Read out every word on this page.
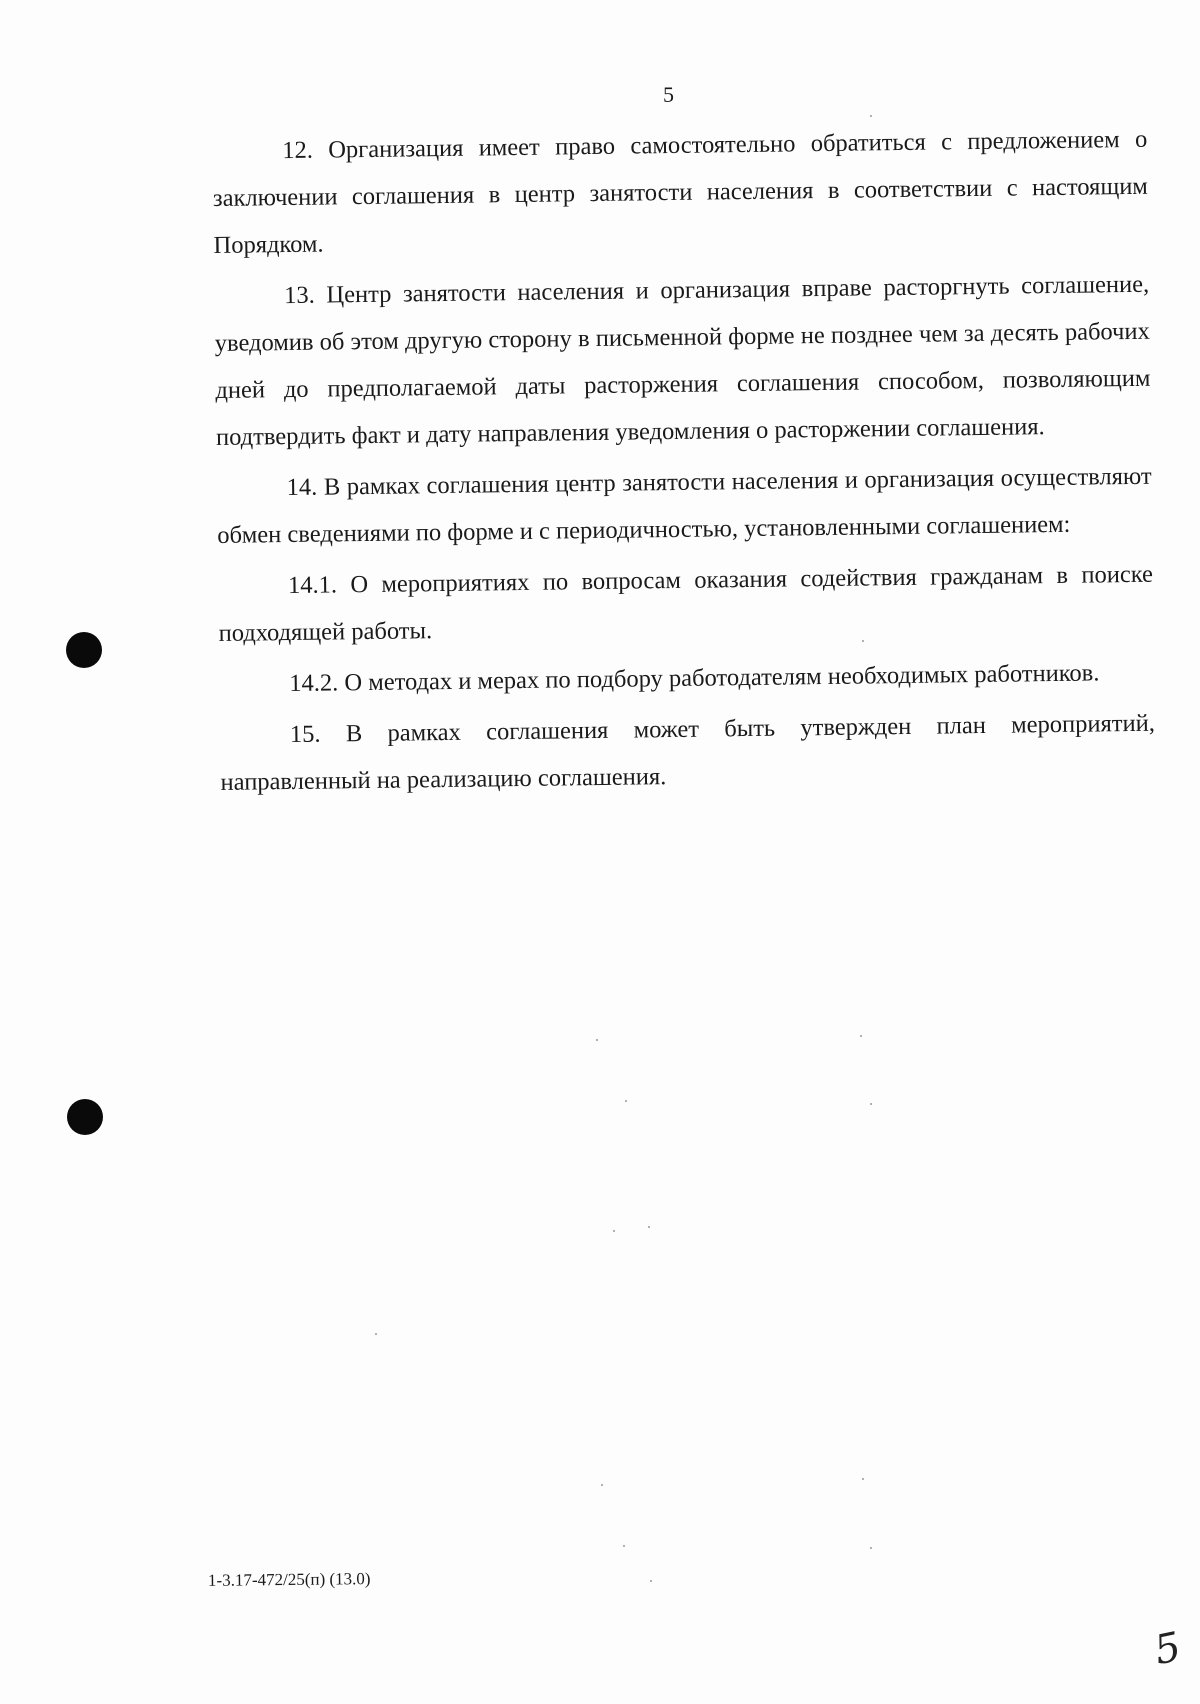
5

12. Организация имеет право самостоятельно обратиться с предложением о заключении соглашения в центр занятости населения в соответствии с настоящим Порядком.

13. Центр занятости населения и организация вправе расторгнуть соглашение, уведомив об этом другую сторону в письменной форме не позднее чем за десять рабочих дней до предполагаемой даты расторжения соглашения способом, позволяющим подтвердить факт и дату направления уведомления о расторжении соглашения.

14. В рамках соглашения центр занятости населения и организация осуществляют обмен сведениями по форме и с периодичностью, установленными соглашением:

14.1. О мероприятиях по вопросам оказания содействия гражданам в поиске подходящей работы.

14.2. О методах и мерах по подбору работодателям необходимых работников.

15. В рамках соглашения может быть утвержден план мероприятий, направленный на реализацию соглашения.

1-3.17-472/25(п) (13.0)
5
